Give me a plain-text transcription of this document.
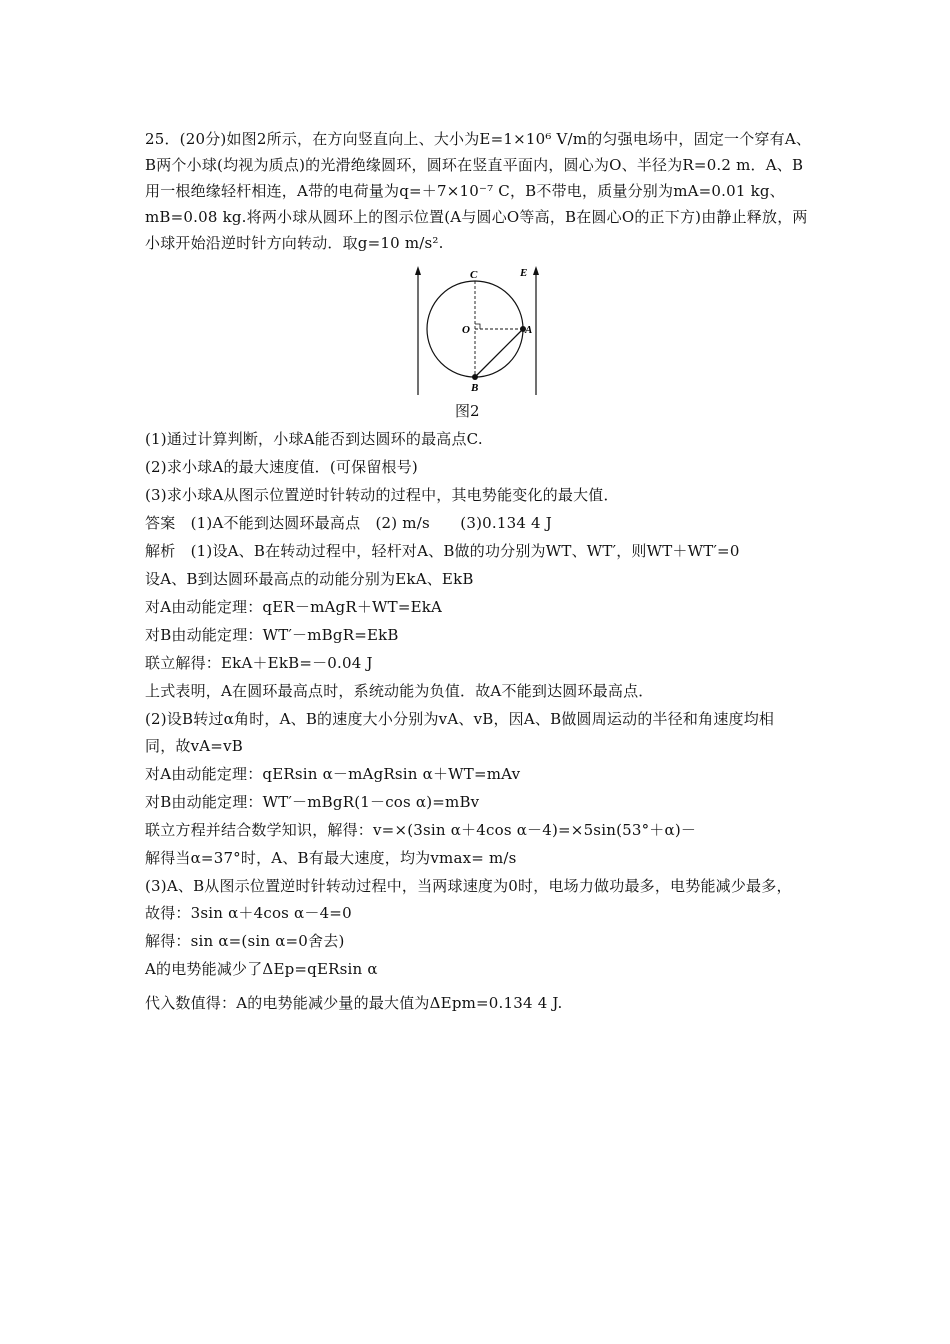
25．(20分)如图2所示，在方向竖直向上、大小为E=1×10⁶ V/m的匀强电场中，固定一个穿有A、B两个小球(均视为质点)的光滑绝缘圆环，圆环在竖直平面内，圆心为O、半径为R=0.2 m．A、B用一根绝缘轻杆相连，A带的电荷量为q=＋7×10⁻⁷ C，B不带电，质量分别为mA=0.01 kg、mB=0.08 kg.将两小球从圆环上的图示位置(A与圆心O等高，B在圆心O的正下方)由静止释放，两小球开始沿逆时针方向转动．取g=10 m/s².
C	E
O	A
B
图2
(1)通过计算判断，小球A能否到达圆环的最高点C.
(2)求小球A的最大速度值．(可保留根号)
(3)求小球A从图示位置逆时针转动的过程中，其电势能变化的最大值．
答案　(1)A不能到达圆环最高点　(2) m/s　　(3)0.134 4 J
解析　(1)设A、B在转动过程中，轻杆对A、B做的功分别为WT、WT′，则WT＋WT′=0
设A、B到达圆环最高点的动能分别为EkA、EkB
对A由动能定理：qER－mAgR＋WT=EkA
对B由动能定理：WT′－mBgR=EkB
联立解得：EkA＋EkB=－0.04 J
上式表明，A在圆环最高点时，系统动能为负值．故A不能到达圆环最高点．
(2)设B转过α角时，A、B的速度大小分别为vA、vB，因A、B做圆周运动的半径和角速度均相
同，故vA=vB
对A由动能定理：qERsin α－mAgRsin α＋WT=mAv
对B由动能定理：WT′－mBgR(1－cos α)=mBv
联立方程并结合数学知识，解得：v=×(3sin α＋4cos α－4)=×5sin(53°＋α)－
解得当α=37°时，A、B有最大速度，均为vmax= m/s
(3)A、B从图示位置逆时针转动过程中，当两球速度为0时，电场力做功最多，电势能减少最多，
故得：3sin α＋4cos α－4=0
解得：sin α=(sin α=0舍去)
A的电势能减少了ΔEp=qERsin α
代入数值得：A的电势能减少量的最大值为ΔEpm=0.134 4 J.
